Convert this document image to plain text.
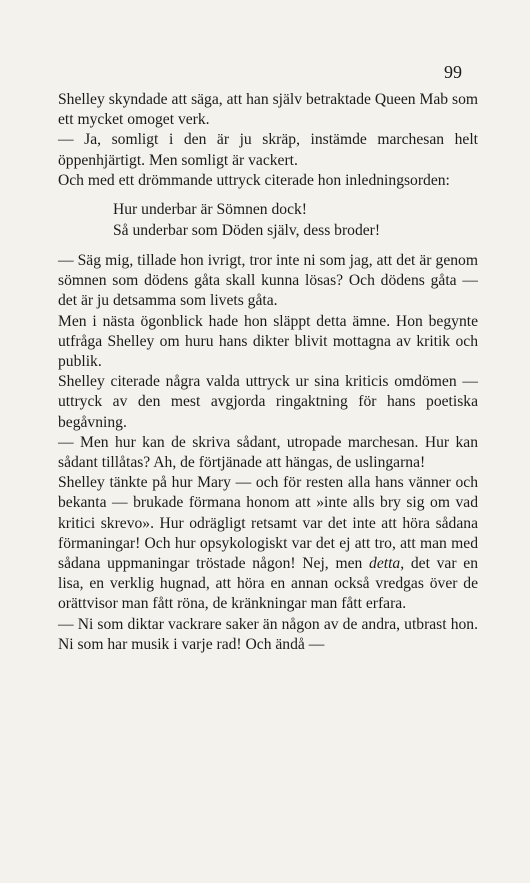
99

Shelley skyndade att säga, att han själv betraktade Queen Mab som ett mycket omoget verk.

— Ja, somligt i den är ju skräp, instämde marchesan helt öppenhjärtigt. Men somligt är vackert.

Och med ett drömmande uttryck citerade hon inledningsorden:

Hur underbar är Sömnen dock!
Så underbar som Döden själv, dess broder!

— Säg mig, tillade hon ivrigt, tror inte ni som jag, att det är genom sömnen som dödens gåta skall kunna lösas? Och dödens gåta — det är ju detsamma som livets gåta.

Men i nästa ögonblick hade hon släppt detta ämne. Hon begynte utfråga Shelley om huru hans dikter blivit mottagna av kritik och publik.

Shelley citerade några valda uttryck ur sina kriticis omdömen — uttryck av den mest avgjorda ringaktning för hans poetiska begåvning.

— Men hur kan de skriva sådant, utropade marchesan. Hur kan sådant tillåtas? Ah, de förtjänade att hängas, de uslingarna!

Shelley tänkte på hur Mary — och för resten alla hans vänner och bekanta — brukade förmana honom att »inte alls bry sig om vad kritici skrevo». Hur odrägligt retsamt var det inte att höra sådana förmaningar! Och hur opsykologiskt var det ej att tro, att man med sådana uppmaningar tröstade någon! Nej, men detta, det var en lisa, en verklig hugnad, att höra en annan också vredgas över de orättvisor man fått röna, de kränkningar man fått erfara.

— Ni som diktar vackrare saker än någon av de andra, utbrast hon. Ni som har musik i varje rad! Och ändå —
